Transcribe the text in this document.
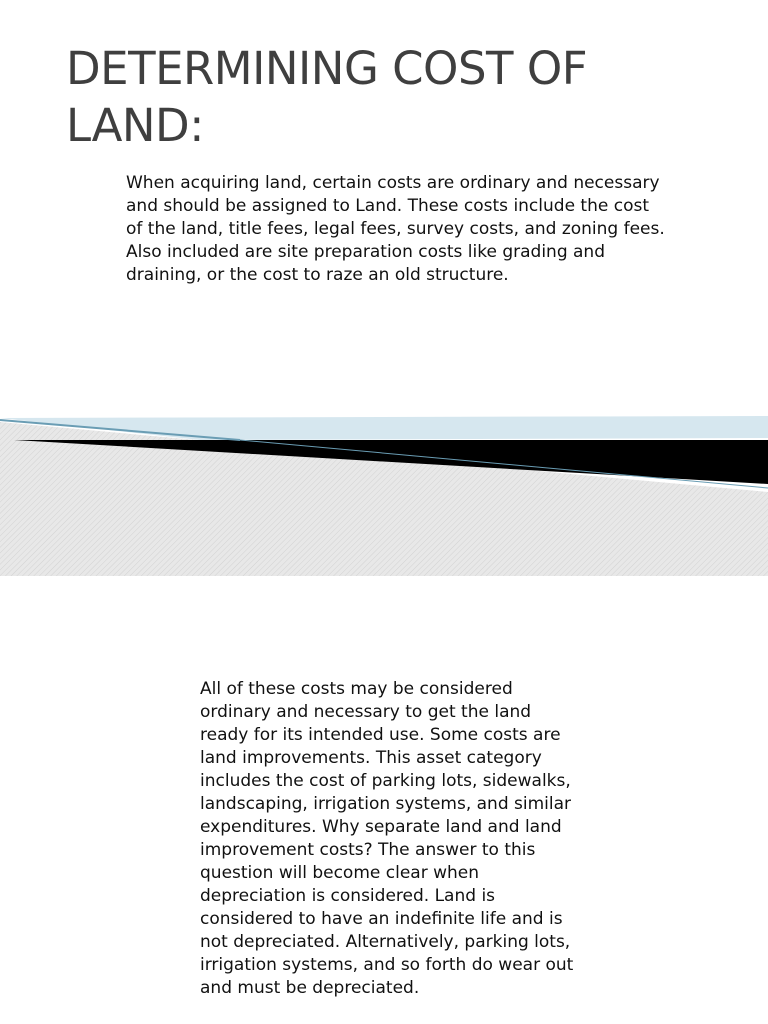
DETERMINING COST OF LAND:

When acquiring land, certain costs are ordinary and necessary and should be assigned to Land. These costs include the cost of the land, title fees, legal fees, survey costs, and zoning fees. Also included are site preparation costs like grading and draining, or the cost to raze an old structure.

All of these costs may be considered ordinary and necessary to get the land ready for its intended use. Some costs are land improvements. This asset category includes the cost of parking lots, sidewalks, landscaping, irrigation systems, and similar expenditures. Why separate land and land improvement costs? The answer to this question will become clear when depreciation is considered. Land is considered to have an indefinite life and is not depreciated. Alternatively, parking lots, irrigation systems, and so forth do wear out and must be depreciated.
